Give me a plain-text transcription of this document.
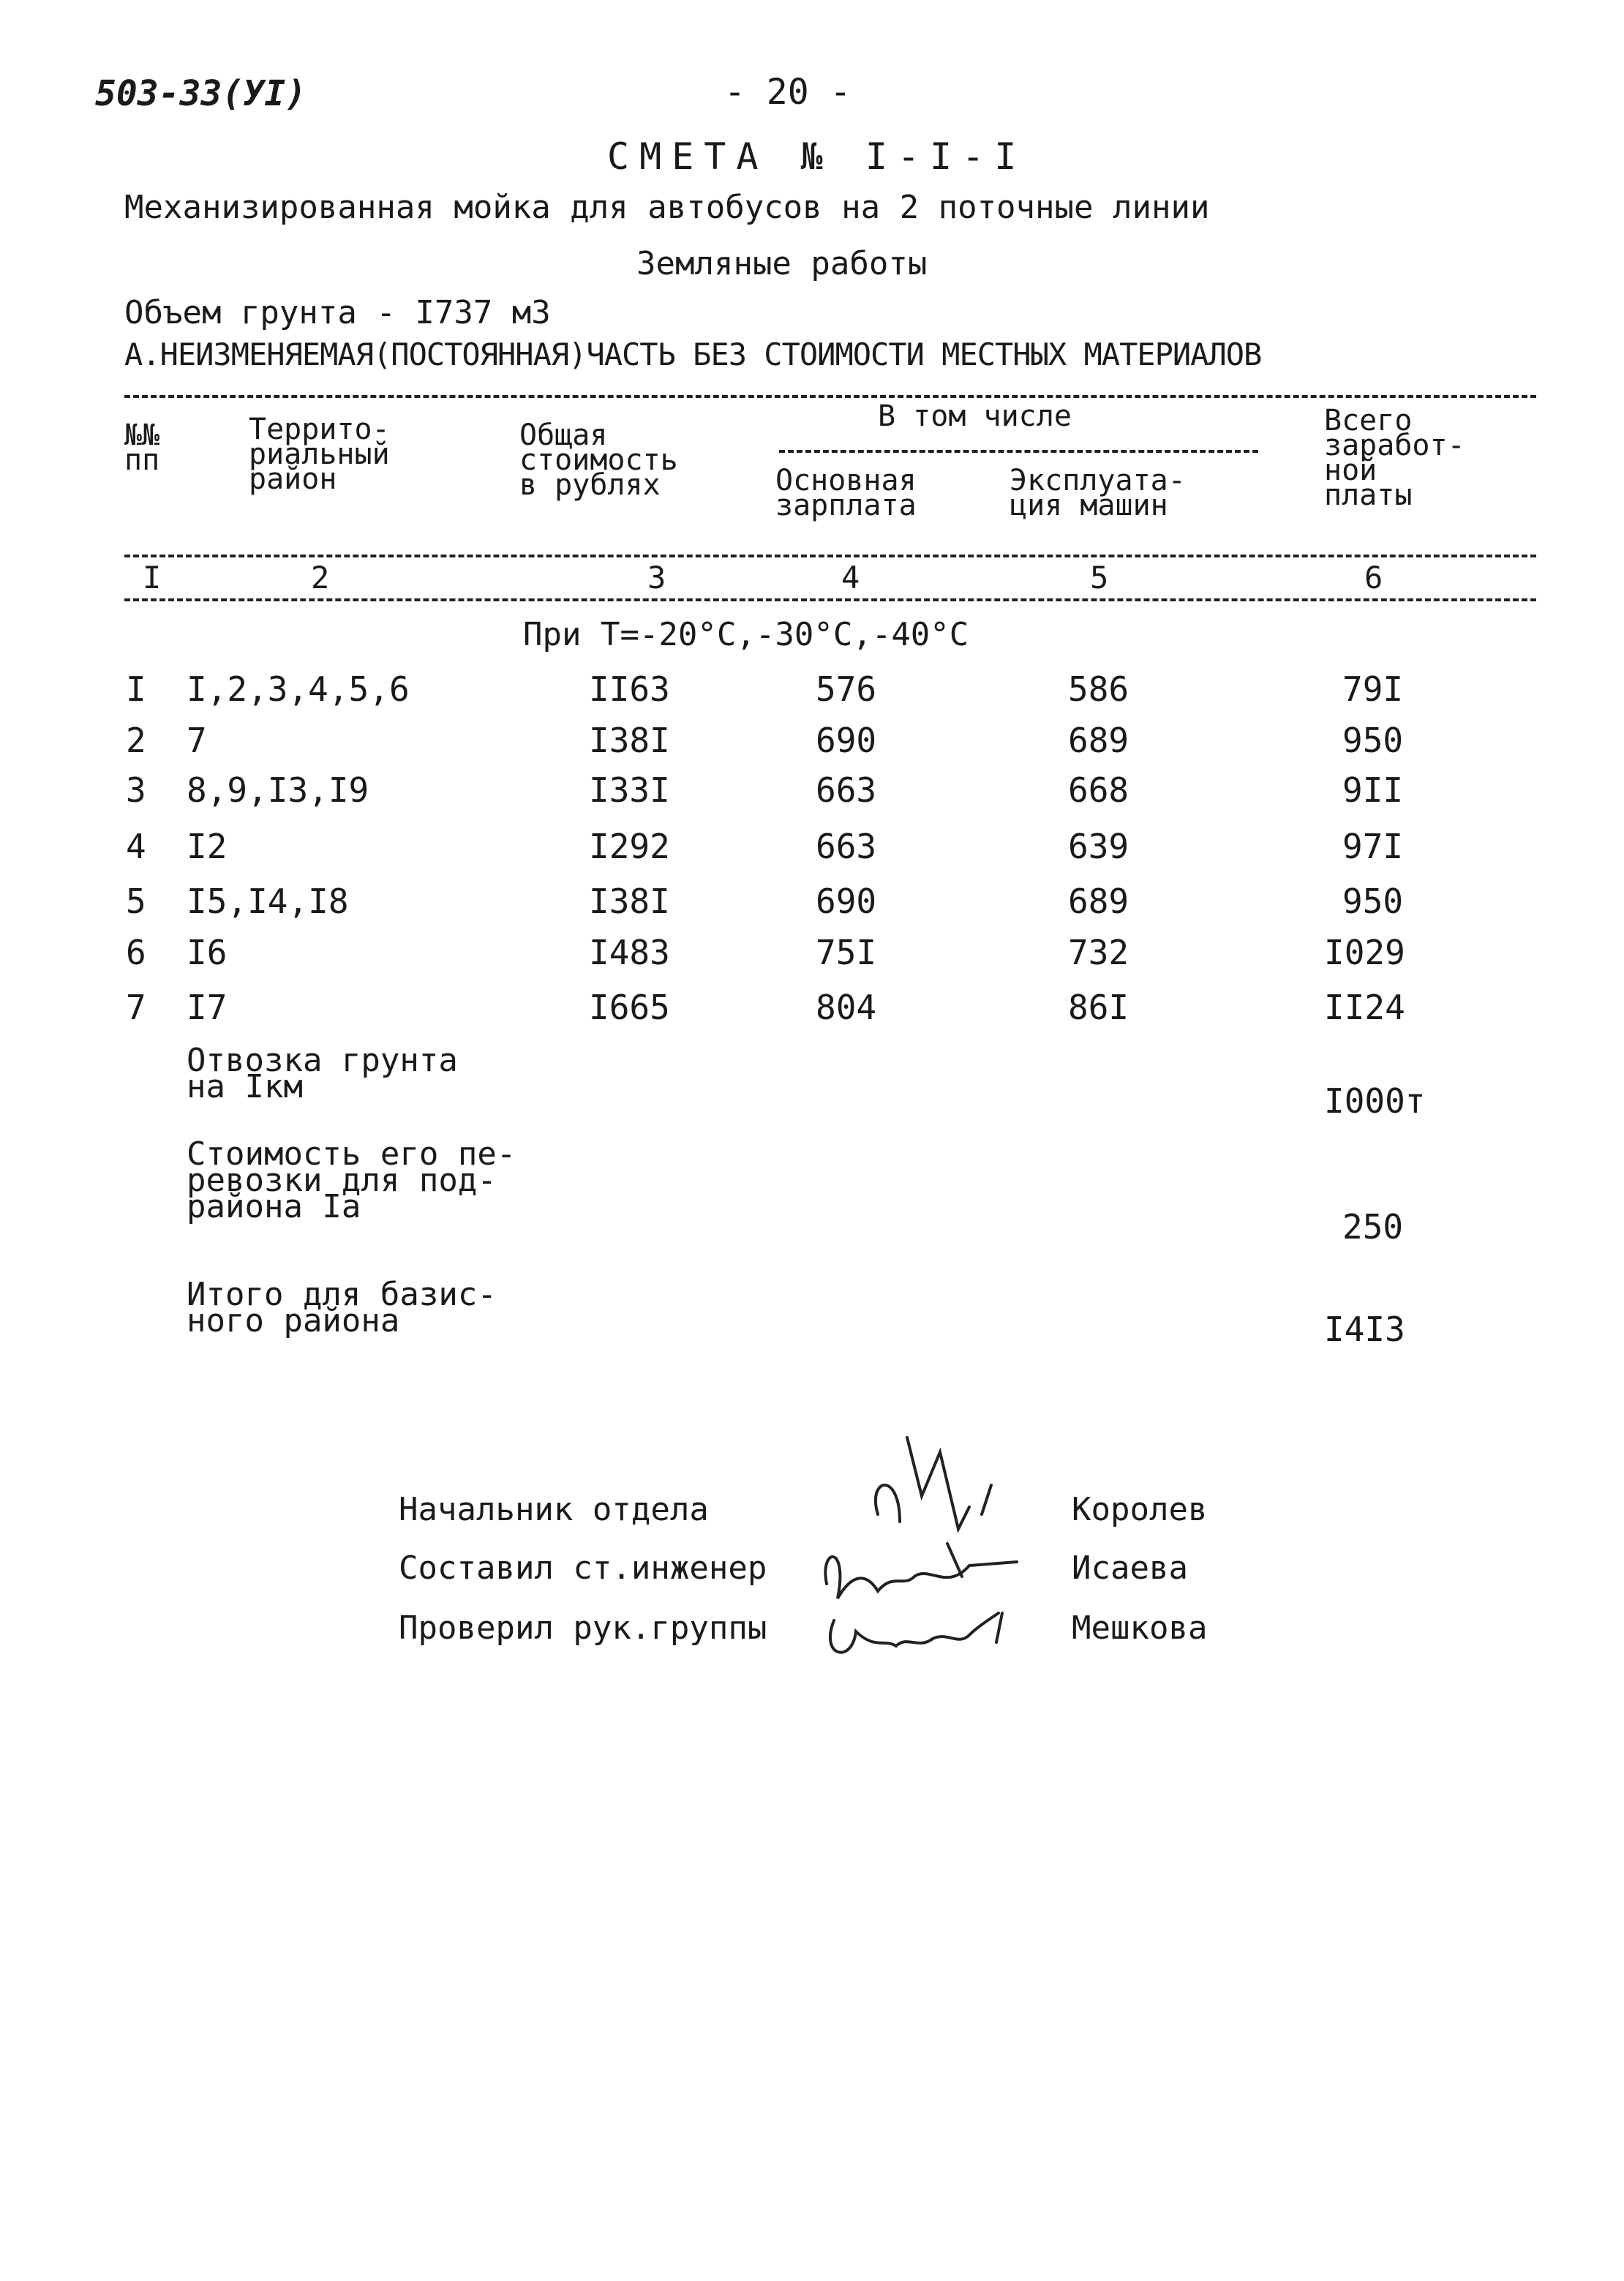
503-33(УI)	- 20 -
СМЕТА № I-I-I
Механизированная мойка для автобусов на 2 поточные линии
Земляные работы
Объем грунта - I737 м3
А.НЕИЗМЕНЯЕМАЯ(ПОСТОЯННАЯ)ЧАСТЬ БЕЗ СТОИМОСТИ МЕСТНЫХ МАТЕРИАЛОВ
№№
пп
Террито-
риальный
район
Общая
стоимость
в рублях
В том числе
Основная
зарплата
Эксплуата-
ция машин
Всего
заработ-
ной
платы
I	2	3	4	5	6
При Т=-20°С,-30°С,-40°С
I I,2,3,4,5,6	II63	576	586	79I
2 7	I38I	690	689	950
3 8,9,I3,I9	I33I	663	668	9II
4 I2	I292	663	639	97I
5 I5,I4,I8	I38I	690	689	950
6 I6	I483	75I	732	I029
7 I7	I665	804	86I	II24
Отвозка грунта
на Iкм	I000т
Стоимость его пе-
ревозки для под-
района Iа
250
Итого для базис-
ного района	I4I3
Начальник отдела	Королев
Составил ст.инженер	Исаева
Проверил рук.группы	Мешкова
